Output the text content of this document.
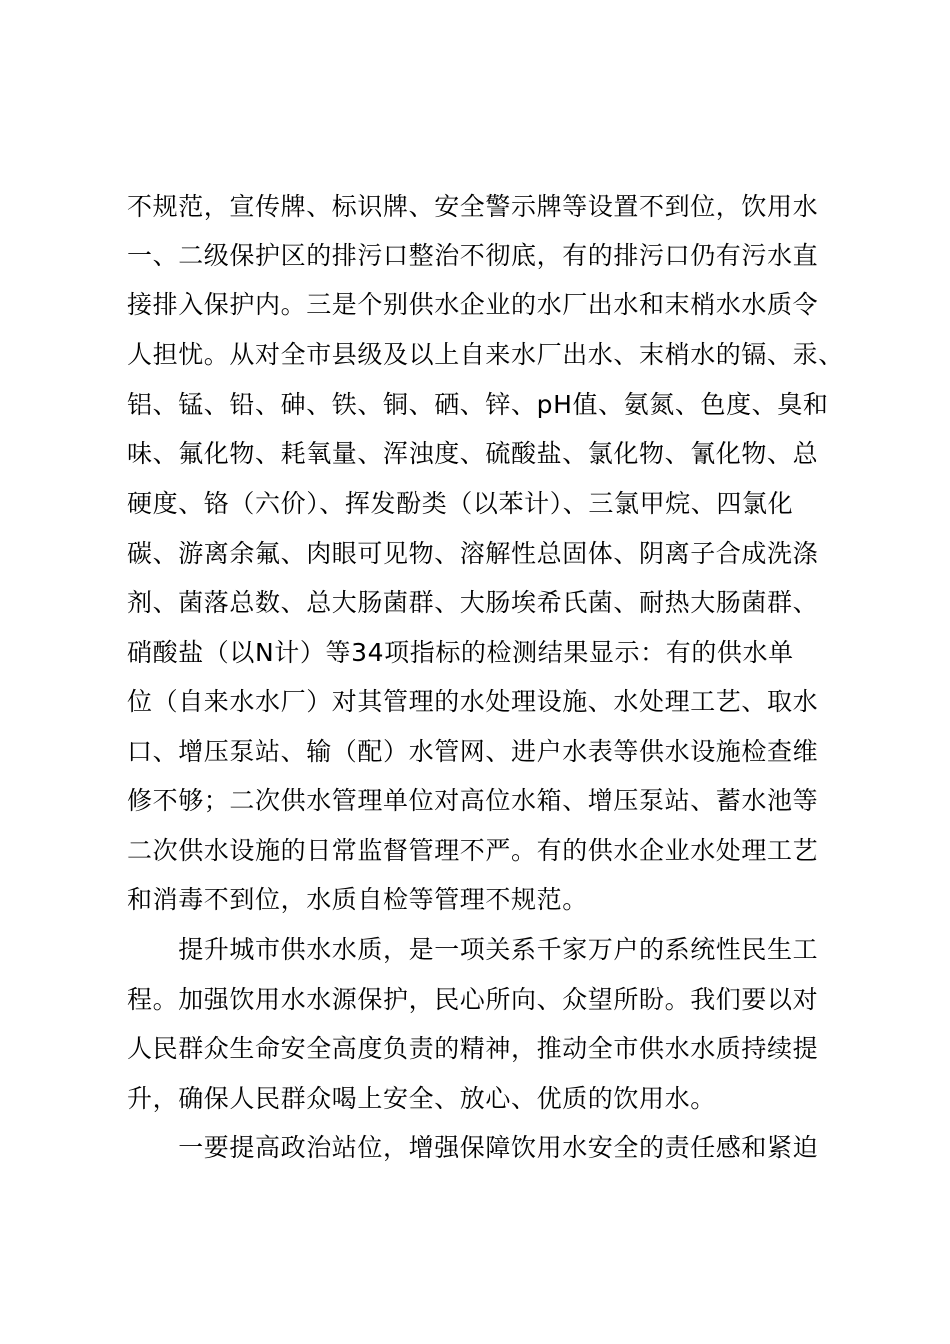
不规范，宣传牌、标识牌、安全警示牌等设置不到位，饮用水
一、二级保护区的排污口整治不彻底，有的排污口仍有污水直
接排入保护内。三是个别供水企业的水厂出水和末梢水水质令
人担忧。从对全市县级及以上自来水厂出水、末梢水的镉、汞、
铝、锰、铅、砷、铁、铜、硒、锌、pH值、氨氮、色度、臭和
味、氟化物、耗氧量、浑浊度、硫酸盐、氯化物、氰化物、总
硬度、铬（六价）、挥发酚类（以苯计）、三氯甲烷、四氯化
碳、游离余氟、肉眼可见物、溶解性总固体、阴离子合成洗涤
剂、菌落总数、总大肠菌群、大肠埃希氏菌、耐热大肠菌群、
硝酸盐（以N计）等34项指标的检测结果显示：有的供水单
位（自来水水厂）对其管理的水处理设施、水处理工艺、取水
口、增压泵站、输（配）水管网、进户水表等供水设施检查维
修不够；二次供水管理单位对高位水箱、增压泵站、蓄水池等
二次供水设施的日常监督管理不严。有的供水企业水处理工艺
和消毒不到位，水质自检等管理不规范。
　　提升城市供水水质，是一项关系千家万户的系统性民生工
程。加强饮用水水源保护，民心所向、众望所盼。我们要以对
人民群众生命安全高度负责的精神，推动全市供水水质持续提
升，确保人民群众喝上安全、放心、优质的饮用水。
　　一要提高政治站位，增强保障饮用水安全的责任感和紧迫
